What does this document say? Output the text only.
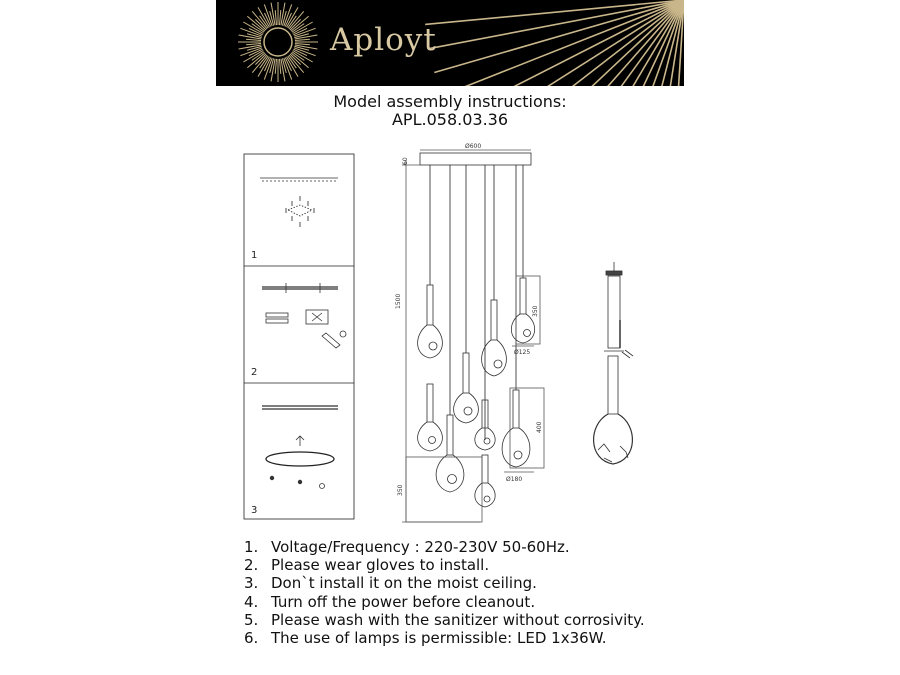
Aployt
Model assembly instructions:
APL.058.03.36
1
2
3
Ø600
60
1500
350
Ø125
400
Ø180
350
1. Voltage/Frequency : 220-230V 50-60Hz.
2. Please wear gloves to install.
3. Don`t install it on the moist ceiling.
4. Turn off the power before cleanout.
5. Please wash with the sanitizer without corrosivity.
6. The use of lamps is permissible: LED 1x36W.
